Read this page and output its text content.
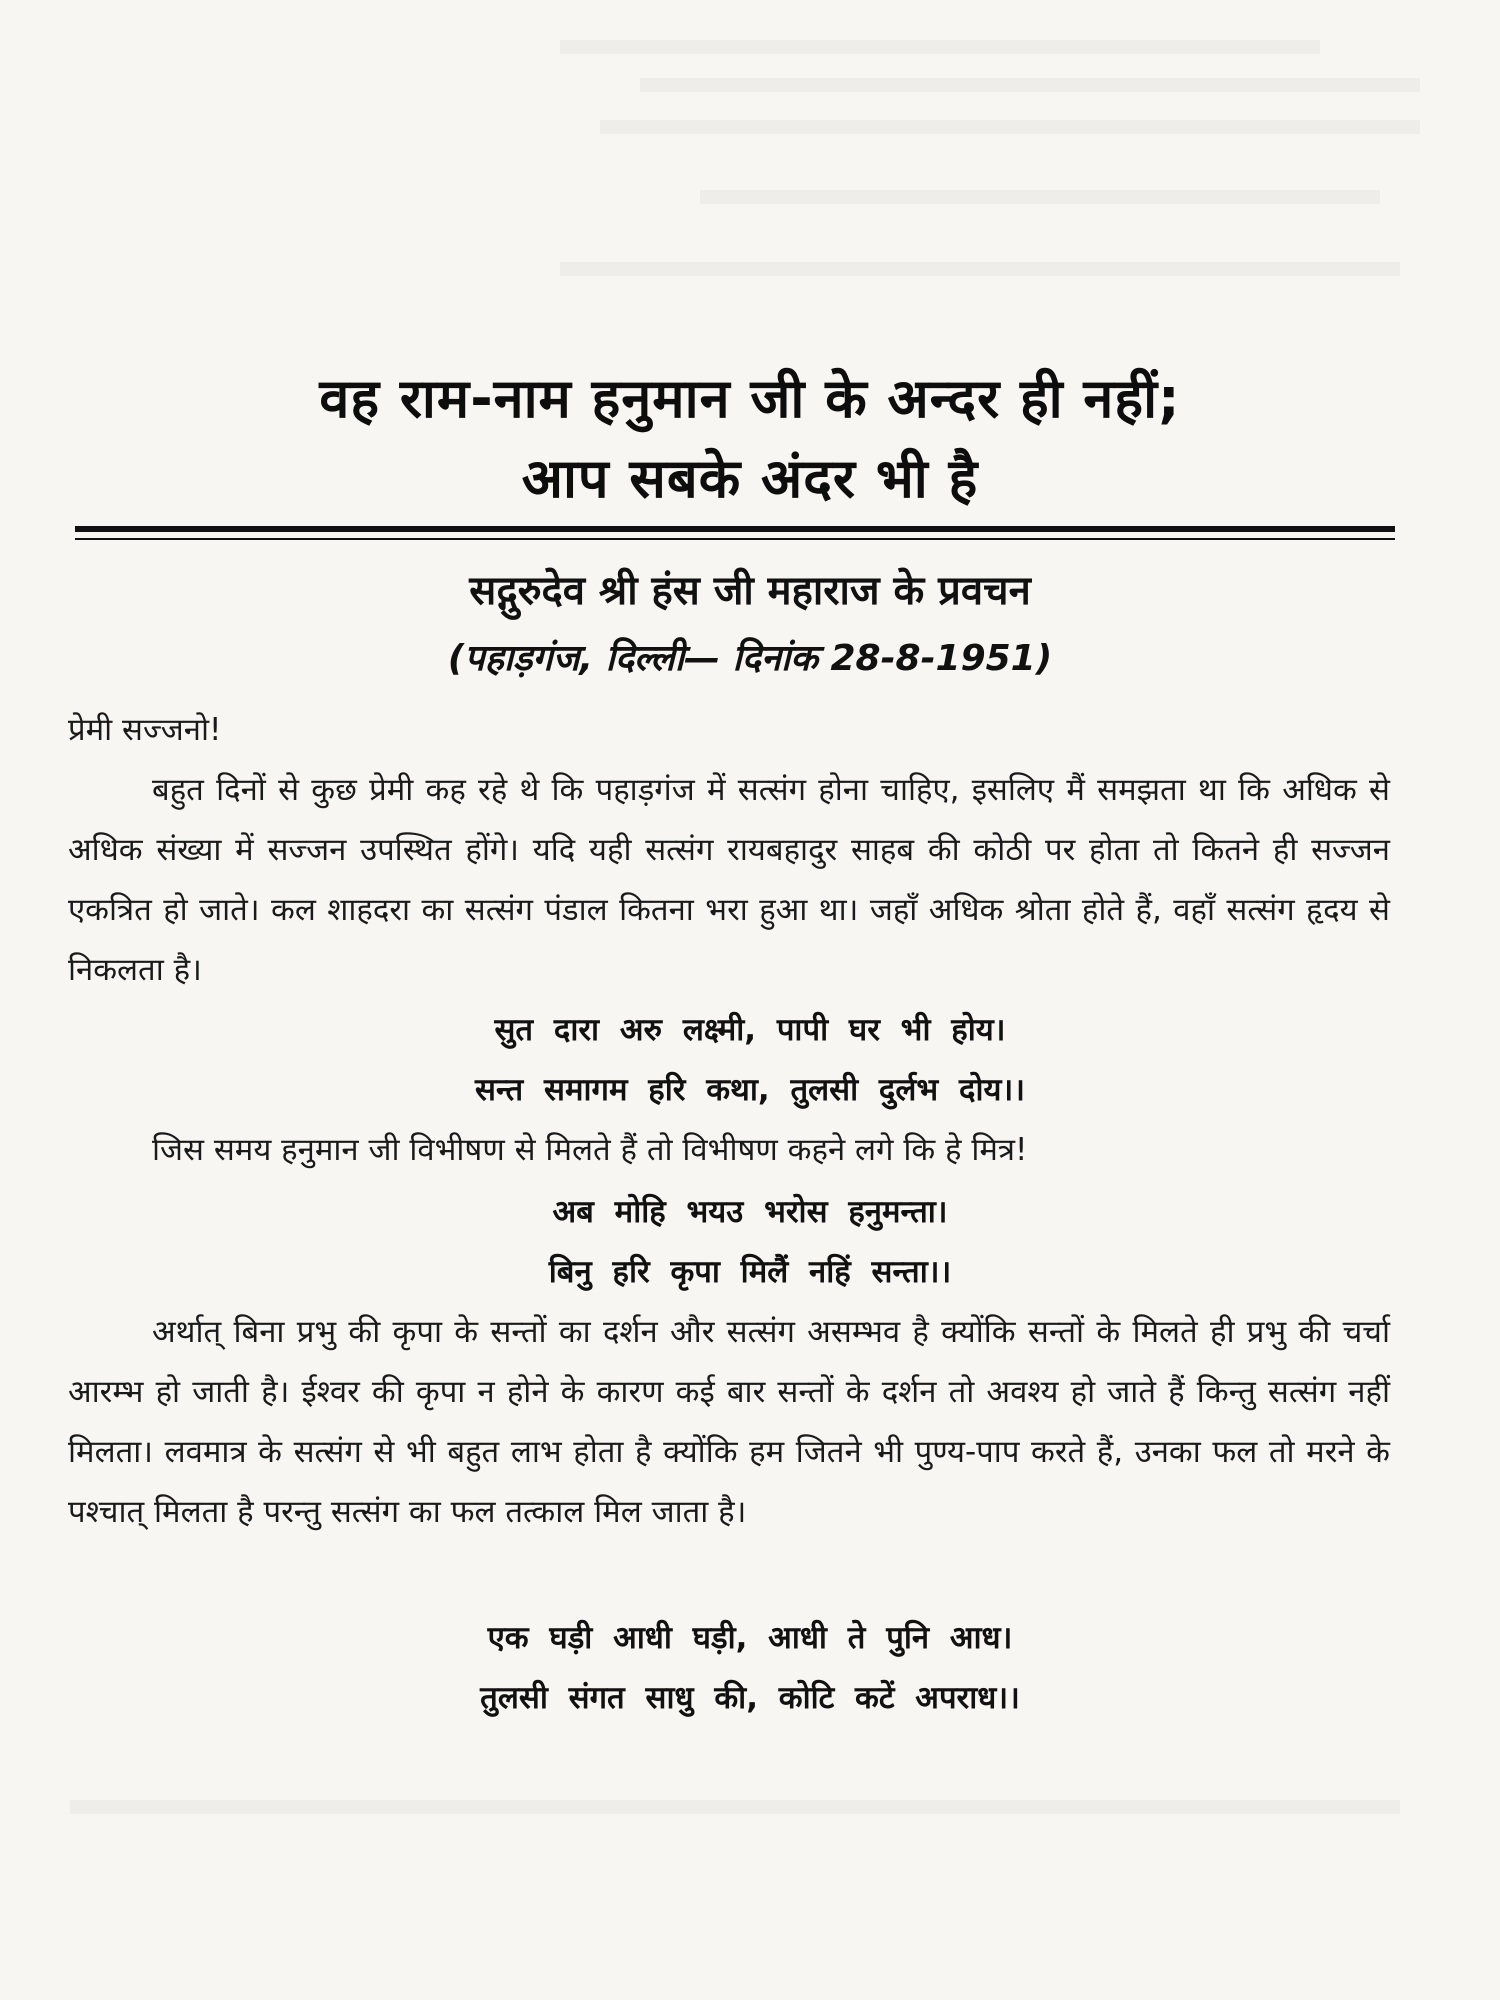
वह राम-नाम हनुमान जी के अन्दर ही नहीं;
आप सबके अंदर भी है
सद्गुरुदेव श्री हंस जी महाराज के प्रवचन
(पहाड़गंज, दिल्ली— दिनांक 28-8-1951)
प्रेमी सज्जनो!
बहुत दिनों से कुछ प्रेमी कह रहे थे कि पहाड़गंज में सत्संग होना चाहिए, इसलिए मैं समझता था कि अधिक से अधिक संख्या में सज्जन उपस्थित होंगे। यदि यही सत्संग रायबहादुर साहब की कोठी पर होता तो कितने ही सज्जन एकत्रित हो जाते। कल शाहदरा का सत्संग पंडाल कितना भरा हुआ था। जहाँ अधिक श्रोता होते हैं, वहाँ सत्संग हृदय से निकलता है।
सुत दारा अरु लक्ष्मी, पापी घर भी होय।
सन्त समागम हरि कथा, तुलसी दुर्लभ दोय।।
जिस समय हनुमान जी विभीषण से मिलते हैं तो विभीषण कहने लगे कि हे मित्र!
अब मोहि भयउ भरोस हनुमन्ता।
बिनु हरि कृपा मिलैं नहिं सन्ता।।
अर्थात् बिना प्रभु की कृपा के सन्तों का दर्शन और सत्संग असम्भव है क्योंकि सन्तों के मिलते ही प्रभु की चर्चा आरम्भ हो जाती है। ईश्वर की कृपा न होने के कारण कई बार सन्तों के दर्शन तो अवश्य हो जाते हैं किन्तु सत्संग नहीं मिलता। लवमात्र के सत्संग से भी बहुत लाभ होता है क्योंकि हम जितने भी पुण्य-पाप करते हैं, उनका फल तो मरने के पश्चात् मिलता है परन्तु सत्संग का फल तत्काल मिल जाता है।
एक घड़ी आधी घड़ी, आधी ते पुनि आध।
तुलसी संगत साधु की, कोटि कटें अपराध।।
